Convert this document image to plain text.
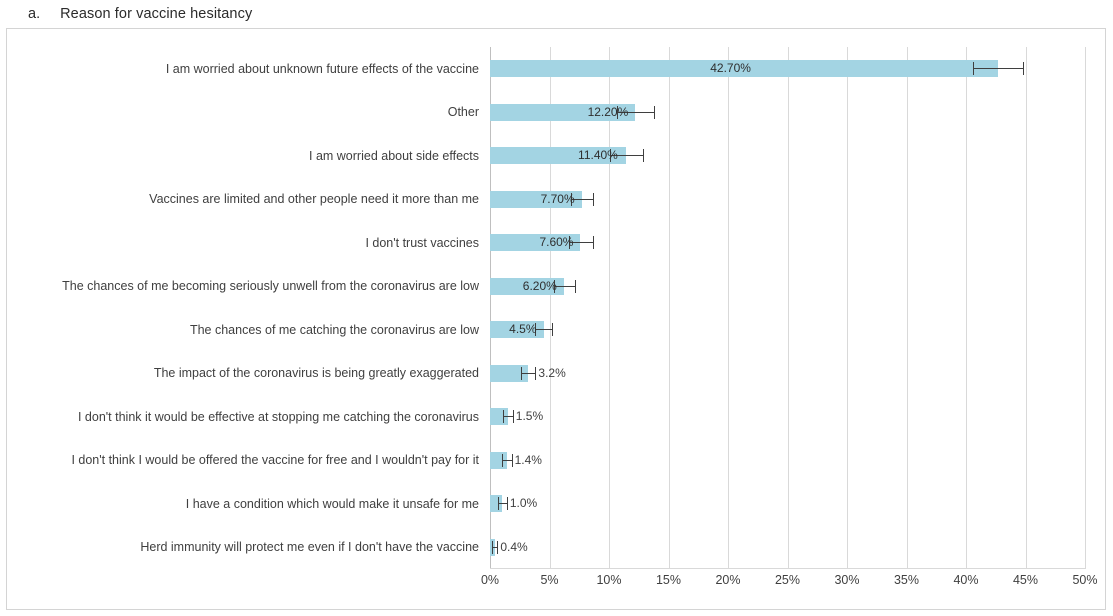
a. Reason for vaccine hesitancy
I am worried about unknown future effects of the vaccine
Other
I am worried about side effects
Vaccines are limited and other people need it more than me
I don't trust vaccines
The chances of me becoming seriously unwell from the coronavirus are low
The chances of me catching the coronavirus are low
The impact of the coronavirus is being greatly exaggerated
I don't think it would be effective at stopping me catching the coronavirus
I don't think I would be offered the vaccine for free and I wouldn't pay for it
I have a condition which would make it unsafe for me
Herd immunity will protect me even if I don't have the vaccine
42.70%
12.20%
11.40%
7.70%
7.60%
6.20%
4.5%
3.2%
1.5%
1.4%
1.0%
0.4%
0%	5%	10%	15%	20%	25%	30%	35%	40%	45%	50%
